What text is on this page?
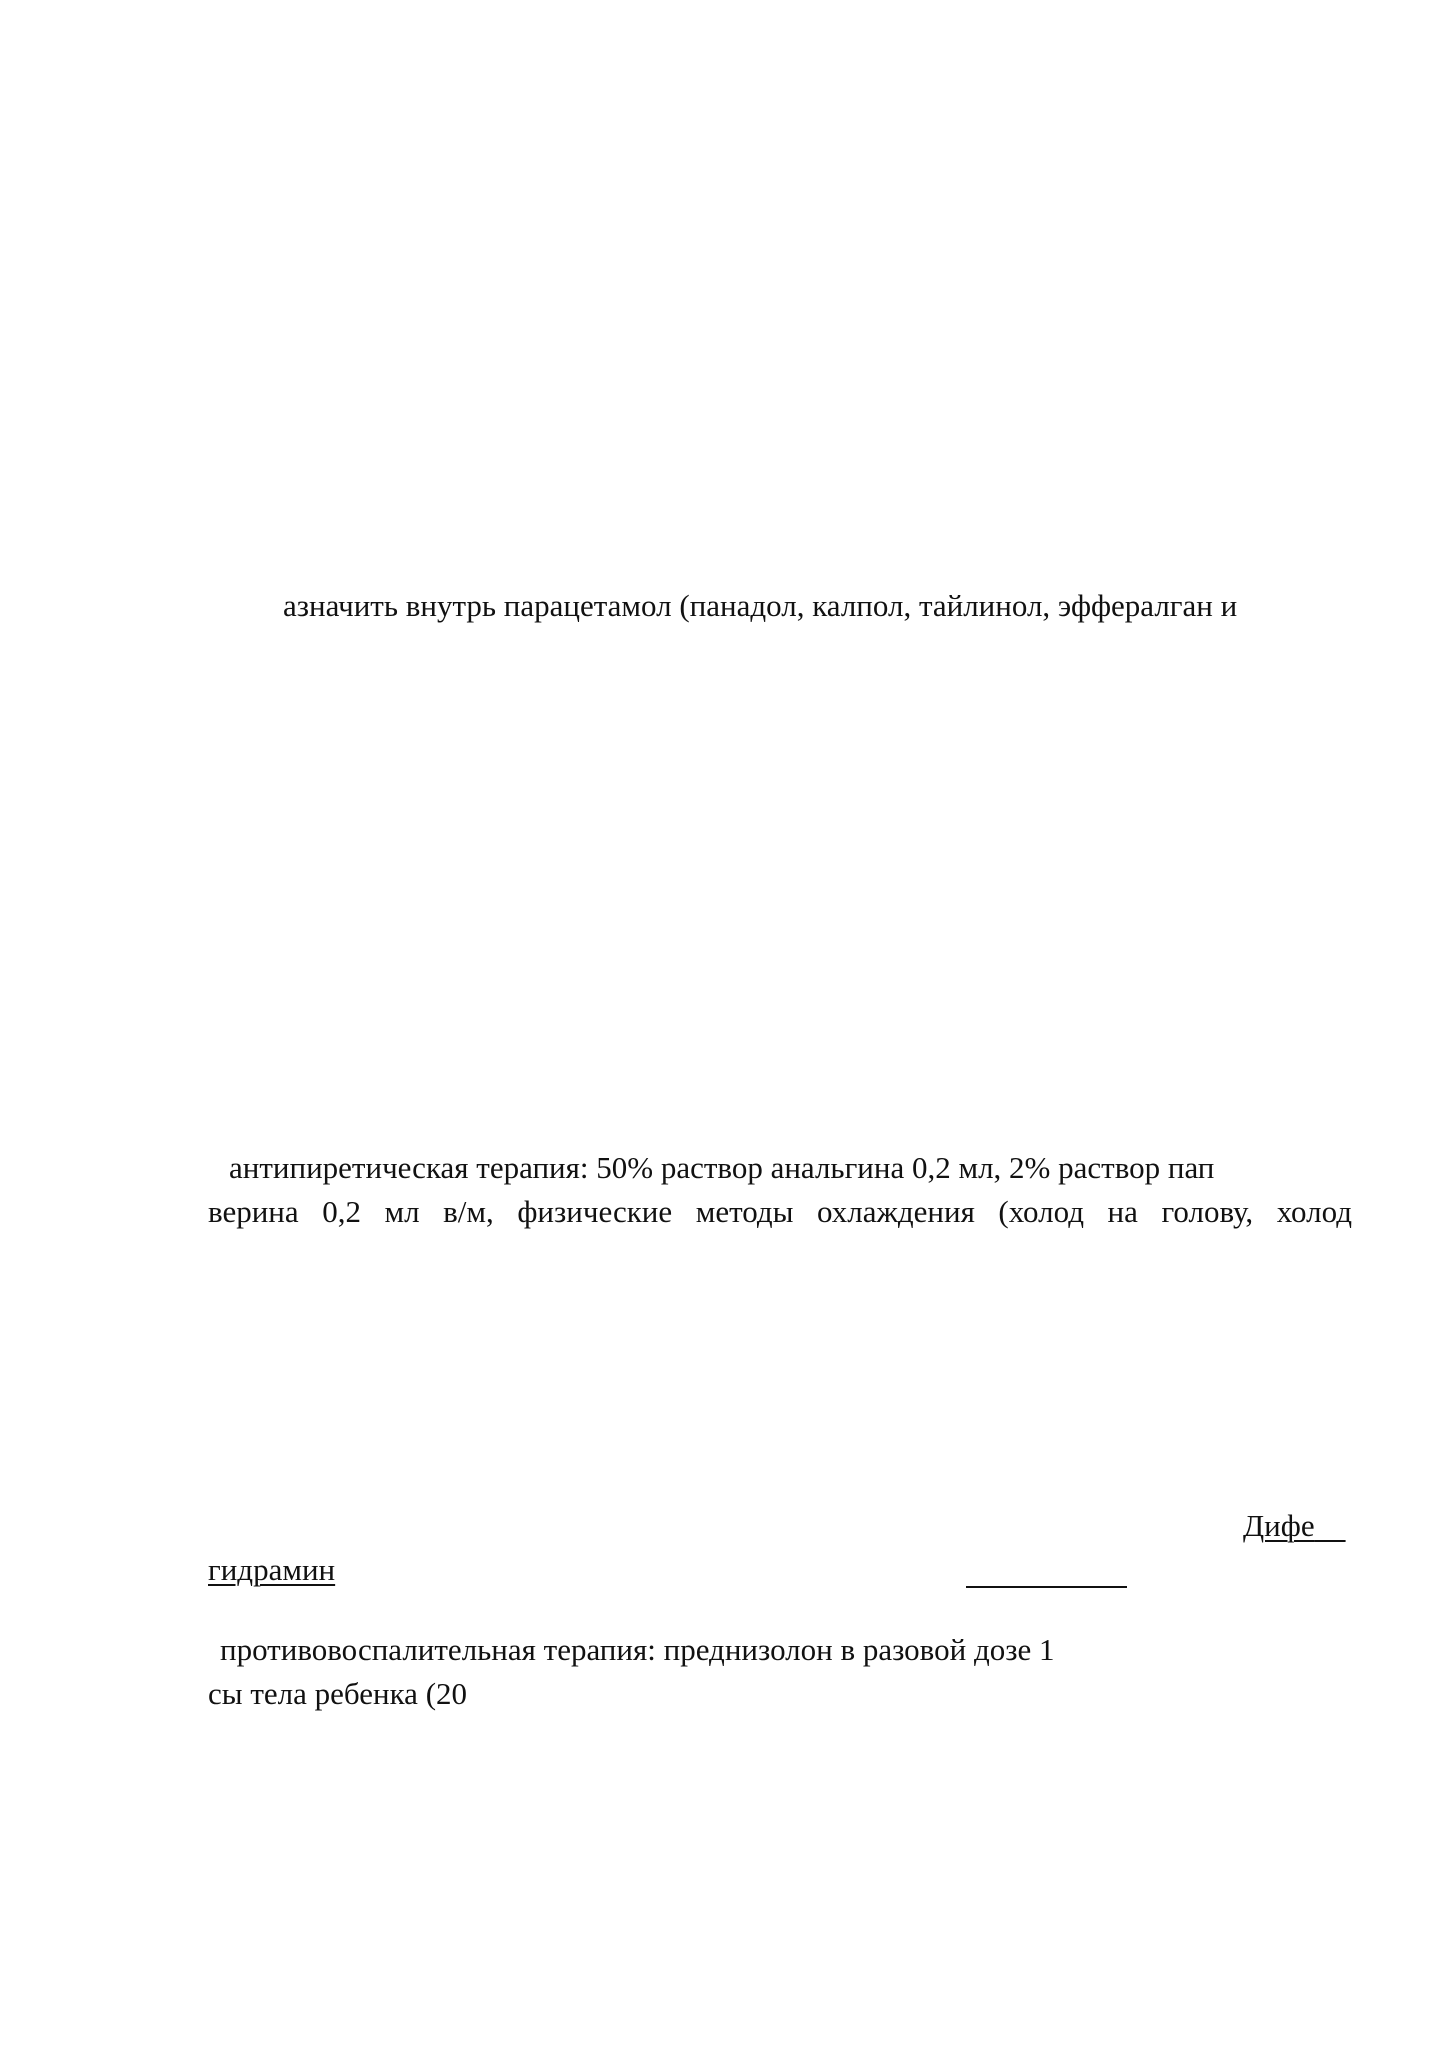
азначить внутрь парацетамол (панадол, калпол, тайлинол, эффералган и
антипиретическая терапия: 50% раствор анальгина 0,2 мл, 2% раствор пап
верина 0,2 мл в/м, физические методы охлаждения (холод на голову, холод
Дифе
гидрамин
противовоспалительная терапия: преднизолон в разовой дозе 1
сы тела ребенка (20
